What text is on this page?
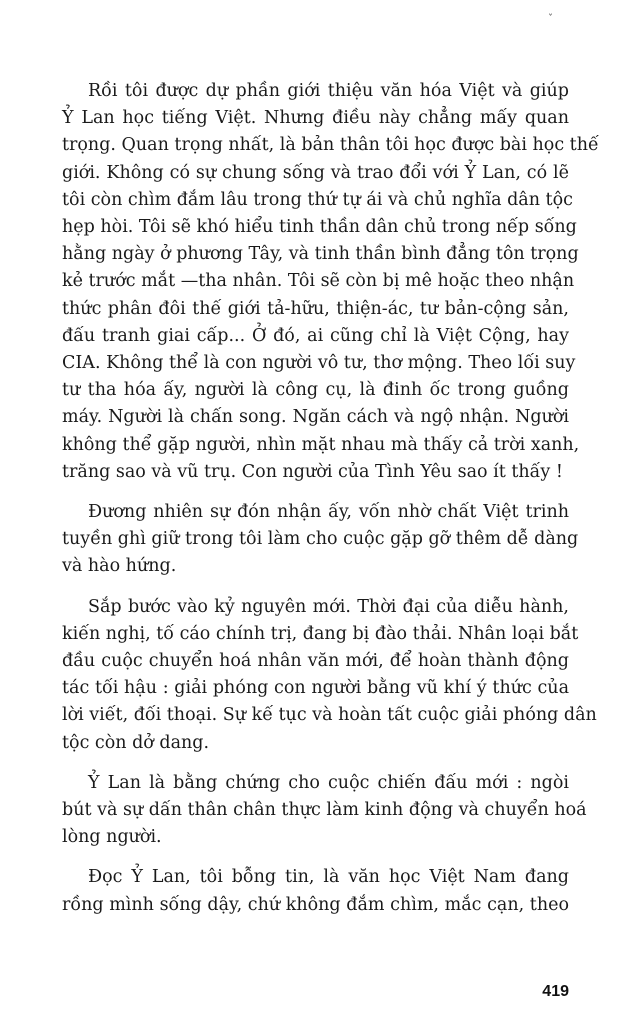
ˇ

Rồi tôi được dự phần giới thiệu văn hóa Việt và giúp
Ỷ Lan học tiếng Việt. Nhưng điều này chẳng mấy quan
trọng. Quan trọng nhất, là bản thân tôi học được bài học thế
giới. Không có sự chung sống và trao đổi với Ỷ Lan, có lẽ
tôi còn chìm đắm lâu trong thứ tự ái và chủ nghĩa dân tộc
hẹp hòi. Tôi sẽ khó hiểu tinh thần dân chủ trong nếp sống
hằng ngày ở phương Tây, và tinh thần bình đẳng tôn trọng
kẻ trước mắt —tha nhân. Tôi sẽ còn bị mê hoặc theo nhận
thức phân đôi thế giới tả-hữu, thiện-ác, tư bản-cộng sản,
đấu tranh giai cấp... Ở đó, ai cũng chỉ là Việt Cộng, hay
CIA. Không thể là con người vô tư, thơ mộng. Theo lối suy
tư tha hóa ấy, người là công cụ, là đinh ốc trong guồng
máy. Người là chấn song. Ngăn cách và ngộ nhận. Người
không thể gặp người, nhìn mặt nhau mà thấy cả trời xanh,
trăng sao và vũ trụ. Con người của Tình Yêu sao ít thấy !

Đương nhiên sự đón nhận ấy, vốn nhờ chất Việt trinh
tuyền ghì giữ trong tôi làm cho cuộc gặp gỡ thêm dễ dàng
và hào hứng.

Sắp bước vào kỷ nguyên mới. Thời đại của diễu hành,
kiến nghị, tố cáo chính trị, đang bị đào thải. Nhân loại bắt
đầu cuộc chuyển hoá nhân văn mới, để hoàn thành động
tác tối hậu : giải phóng con người bằng vũ khí ý thức của
lời viết, đối thoại. Sự kế tục và hoàn tất cuộc giải phóng dân
tộc còn dở dang.

Ỷ Lan là bằng chứng cho cuộc chiến đấu mới : ngòi
bút và sự dấn thân chân thực làm kinh động và chuyển hoá
lòng người.

Đọc Ỷ Lan, tôi bỗng tin, là văn học Việt Nam đang
rồng mình sống dậy, chứ không đắm chìm, mắc cạn, theo

419
